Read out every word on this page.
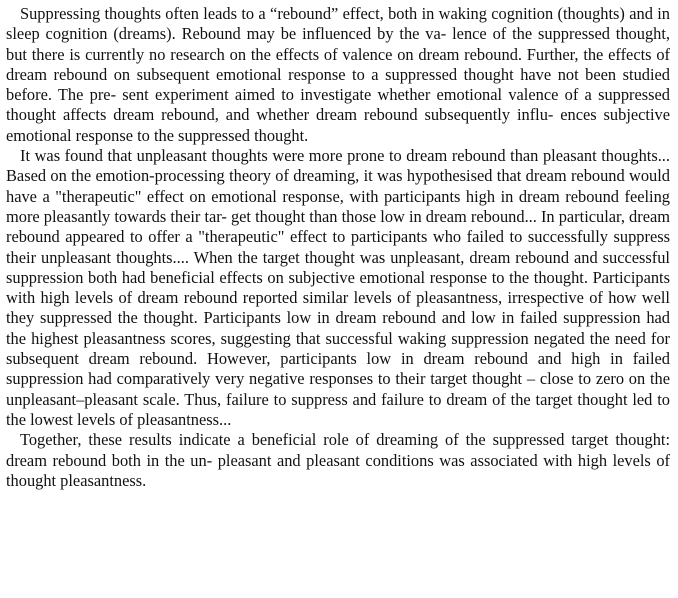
Suppressing thoughts often leads to a “rebound” effect, both in waking cognition (thoughts) and in sleep cognition (dreams). Rebound may be influenced by the va- lence of the suppressed thought, but there is currently no research on the effects of valence on dream rebound. Further, the effects of dream rebound on subsequent emotional response to a suppressed thought have not been studied before. The pre- sent experiment aimed to investigate whether emotional valence of a suppressed thought affects dream rebound, and whether dream rebound subsequently influ- ences subjective emotional response to the suppressed thought.

It was found that unpleasant thoughts were more prone to dream rebound than pleasant thoughts... Based on the emotion-processing theory of dreaming, it was hypothesised that dream rebound would have a "therapeutic" effect on emotional response, with participants high in dream rebound feeling more pleasantly towards their tar- get thought than those low in dream rebound... In particular, dream rebound appeared to offer a "therapeutic" effect to participants who failed to successfully suppress their unpleasant thoughts.... When the target thought was unpleasant, dream rebound and successful suppression both had beneficial effects on subjective emotional response to the thought. Participants with high levels of dream rebound reported similar levels of pleasantness, irrespective of how well they suppressed the thought. Participants low in dream rebound and low in failed suppression had the highest pleasantness scores, suggesting that successful waking suppression negated the need for subsequent dream rebound. However, participants low in dream rebound and high in failed suppression had comparatively very negative responses to their target thought – close to zero on the unpleasant–pleasant scale. Thus, failure to suppress and failure to dream of the target thought led to the lowest levels of pleasantness...

Together, these results indicate a beneficial role of dreaming of the suppressed target thought: dream rebound both in the un- pleasant and pleasant conditions was associated with high levels of thought pleasantness.
